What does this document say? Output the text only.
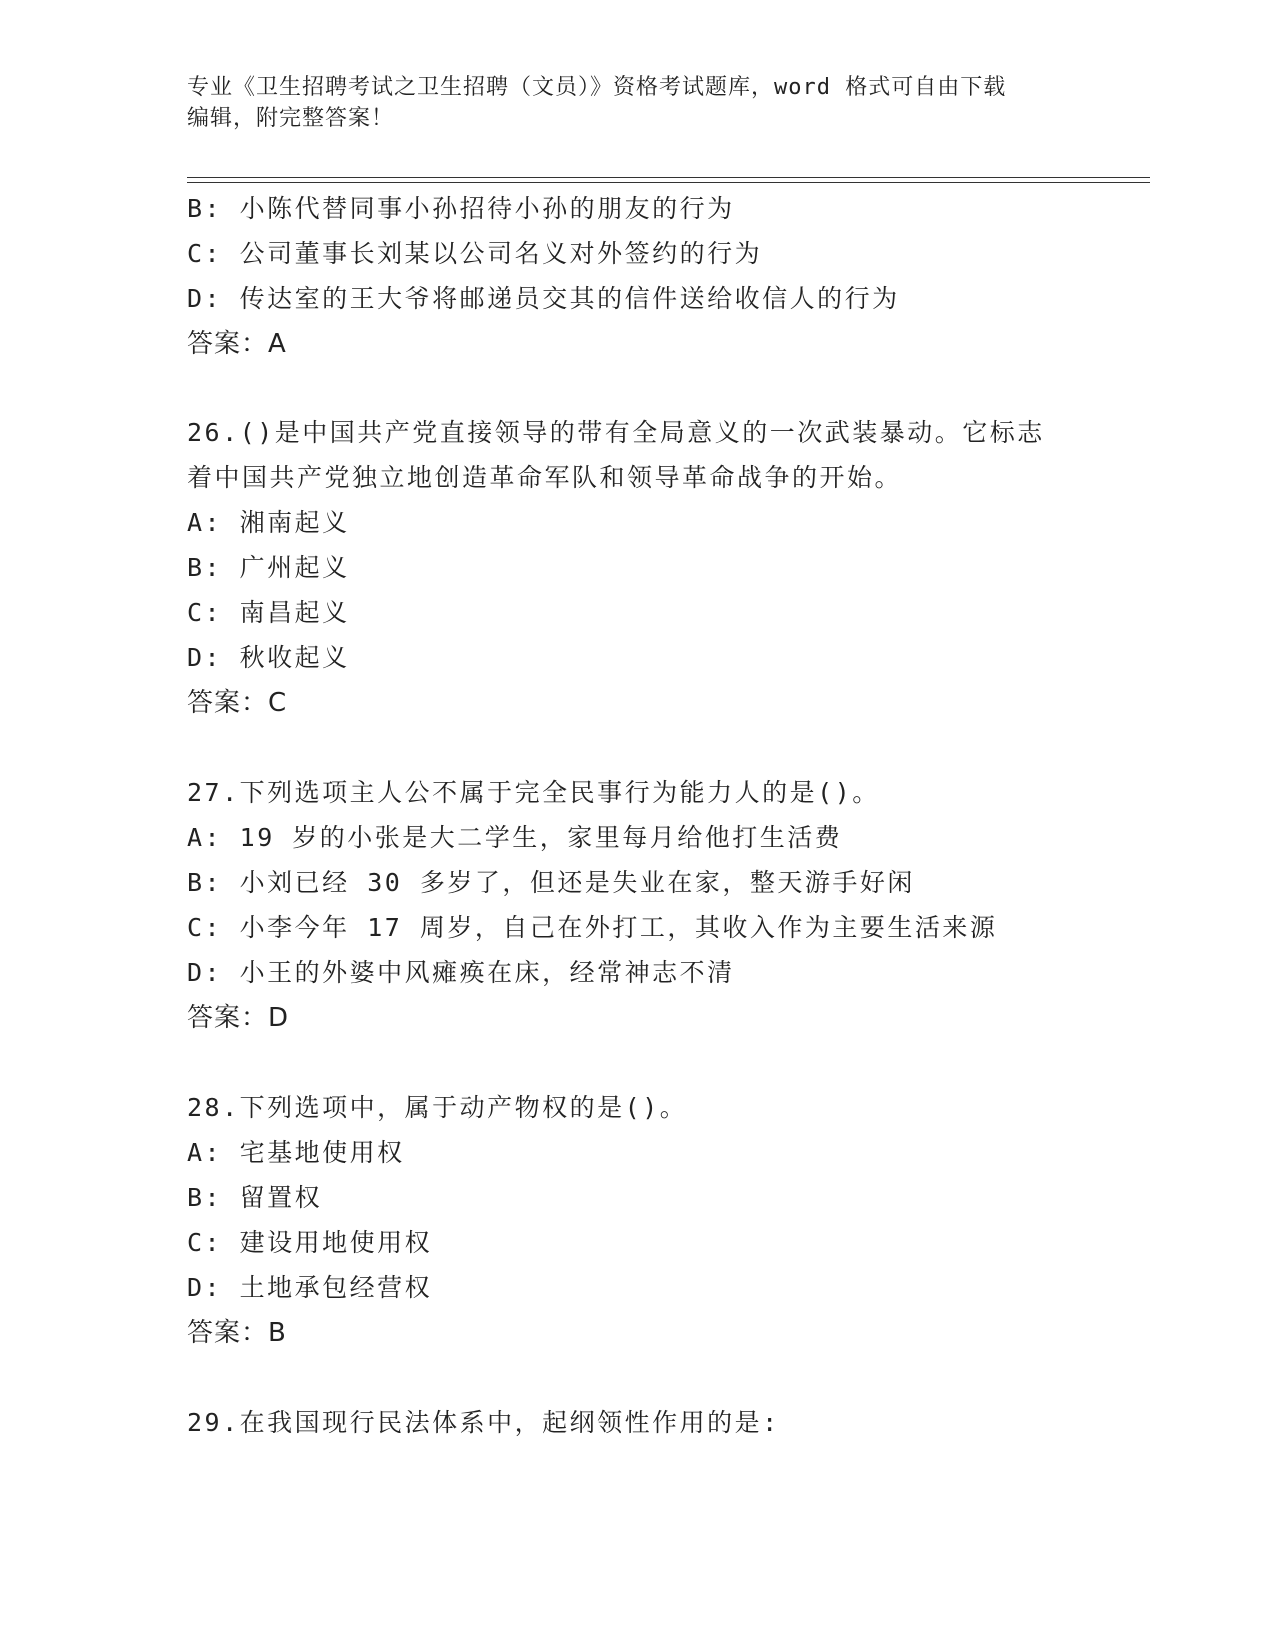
专业《卫生招聘考试之卫生招聘（文员）》资格考试题库，word 格式可自由下载
编辑，附完整答案！
B: 小陈代替同事小孙招待小孙的朋友的行为
C: 公司董事长刘某以公司名义对外签约的行为
D: 传达室的王大爷将邮递员交其的信件送给收信人的行为
答案：A
26.()是中国共产党直接领导的带有全局意义的一次武装暴动。它标志
着中国共产党独立地创造革命军队和领导革命战争的开始。
A: 湘南起义
B: 广州起义
C: 南昌起义
D: 秋收起义
答案：C
27.下列选项主人公不属于完全民事行为能力人的是()。
A: 19 岁的小张是大二学生，家里每月给他打生活费
B: 小刘已经 30 多岁了，但还是失业在家，整天游手好闲
C: 小李今年 17 周岁，自己在外打工，其收入作为主要生活来源
D: 小王的外婆中风瘫痪在床，经常神志不清
答案：D
28.下列选项中，属于动产物权的是()。
A: 宅基地使用权
B: 留置权
C: 建设用地使用权
D: 土地承包经营权
答案：B
29.在我国现行民法体系中，起纲领性作用的是:
